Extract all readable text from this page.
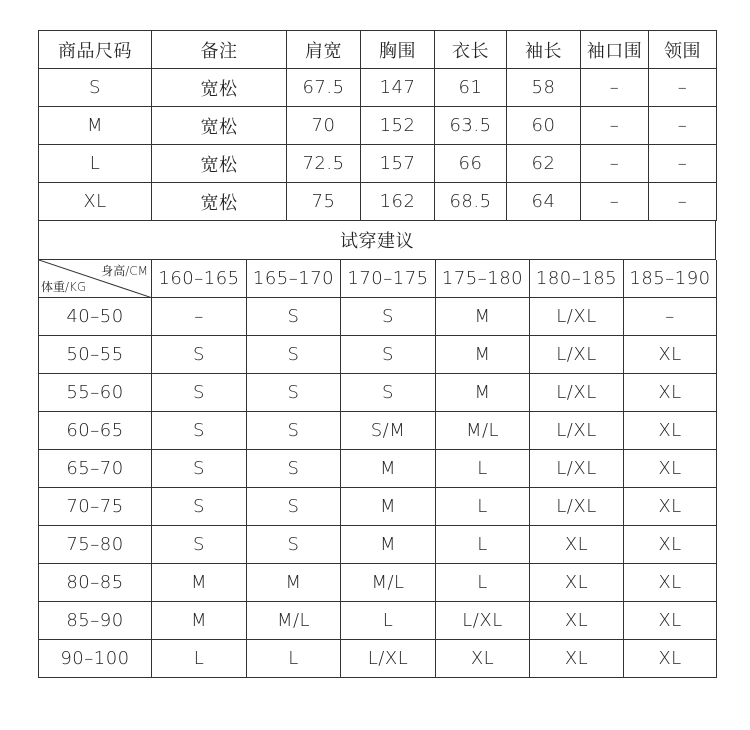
商品尺码	备注	肩宽	胸围	衣长	袖长	袖口围	领围
S	宽松	67.5	147	61	58	–	–
M	宽松	70	152	63.5	60	–	–
L	宽松	72.5	157	66	62	–	–
XL	宽松	75	162	68.5	64	–	–
试穿建议
身高/CM
体重/KG	160–165	165–170	170–175	175–180	180–185	185–190
40–50	–	S	S	M	L/XL	–
50–55	S	S	S	M	L/XL	XL
55–60	S	S	S	M	L/XL	XL
60–65	S	S	S/M	M/L	L/XL	XL
65–70	S	S	M	L	L/XL	XL
70–75	S	S	M	L	L/XL	XL
75–80	S	S	M	L	XL	XL
80–85	M	M	M/L	L	XL	XL
85–90	M	M/L	L	L/XL	XL	XL
90–100	L	L	L/XL	XL	XL	XL
